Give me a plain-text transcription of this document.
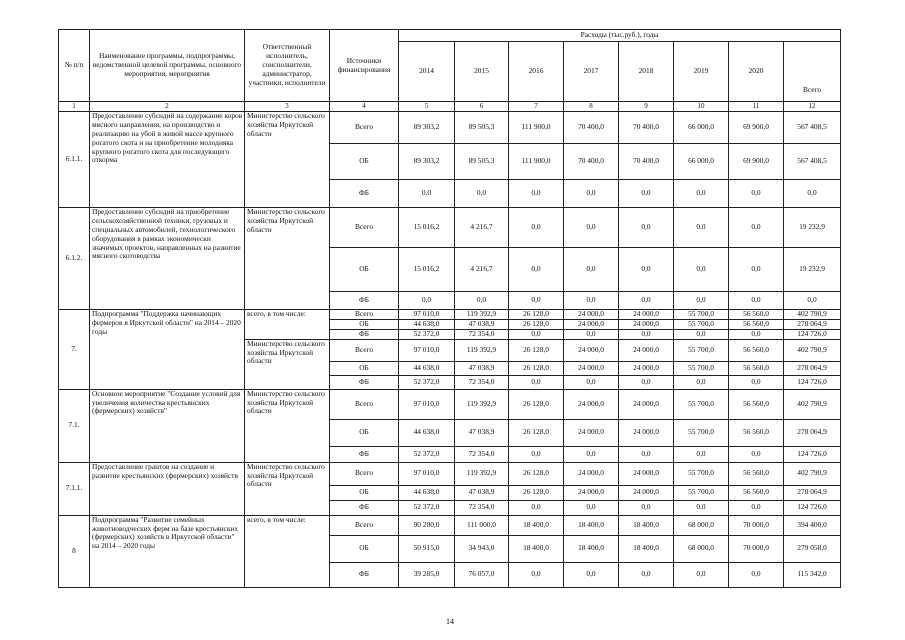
№ п/п	Наименование программы, подпрограммы, ведомственной целевой программы, основного мероприятия, мероприятия	Ответственный исполнитель, соисполнители, администратор, участники, исполнители	Источники финансирования	Расходы (тыс.руб.), годы							
				2014	2015	2016	2017	2018	2019	2020	Всего
1	2	3	4	5	6	7	8	9	10	11	12
6.1.1.	Предоставление субсидий на содержание коров мясного направления, на производство и реализацию на убой в живой массе крупного рогатого скота и на приобретение молодняка крупного рогатого скота для последующего откорма	Министерство сельского хозяйства Иркутской области	Всего	89 303,2	89 505,3	111 900,0	70 400,0	70 400,0	66 000,0	69 900,0	567 408,5
			ОБ	89 303,2	89 505,3	111 900,0	70 400,0	70 400,0	66 000,0	69 900,0	567 408,5
			ФБ	0,0	0,0	0,0	0,0	0,0	0,0	0,0	0,0
6.1.2.	Предоставление субсидий на приобретение сельскохозяйственной техники, грузовых и специальных автомобилей, технологического оборудования в рамках экономически значимых проектов, направленных на развитие мясного скотоводства	Министерство сельского хозяйства Иркутской области	Всего	15 016,2	4 216,7	0,0	0,0	0,0	0,0	0,0	19 232,9
			ОБ	15 016,2	4 216,7	0,0	0,0	0,0	0,0	0,0	19 232,9
			ФБ	0,0	0,0	0,0	0,0	0,0	0,0	0,0	0,0
7.	Подпрограмма "Поддержка начинающих фермеров в Иркутской области" на 2014 – 2020 годы	всего, в том числе:	Всего	97 010,0	119 392,9	26 128,0	24 000,0	24 000,0	55 700,0	56 560,0	402 790,9
			ОБ	44 638,0	47 038,9	26 128,0	24 000,0	24 000,0	55 700,0	56 560,0	278 064,9
			ФБ	52 372,0	72 354,0	0,0	0,0	0,0	0,0	0,0	124 726,0
		Министерство сельского хозяйства Иркутской области	Всего	97 010,0	119 392,9	26 128,0	24 000,0	24 000,0	55 700,0	56 560,0	402 790,9
			ОБ	44 638,0	47 038,9	26 128,0	24 000,0	24 000,0	55 700,0	56 560,0	278 064,9
			ФБ	52 372,0	72 354,0	0,0	0,0	0,0	0,0	0,0	124 726,0
7.1.	Основное мероприятие "Создание условий для увеличения количества крестьянских (фермерских) хозяйств"	Министерство сельского хозяйства Иркутской области	Всего	97 010,0	119 392,9	26 128,0	24 000,0	24 000,0	55 700,0	56 560,0	402 790,9
			ОБ	44 638,0	47 038,9	26 128,0	24 000,0	24 000,0	55 700,0	56 560,0	278 064,9
			ФБ	52 372,0	72 354,0	0,0	0,0	0,0	0,0	0,0	124 726,0
7.1.1.	Предоставление грантов на создание и развитие крестьянских (фермерских) хозяйств	Министерство сельского хозяйства Иркутской области	Всего	97 010,0	119 392,9	26 128,0	24 000,0	24 000,0	55 700,0	56 560,0	402 790,9
			ОБ	44 638,0	47 038,9	26 128,0	24 000,0	24 000,0	55 700,0	56 560,0	278 064,9
			ФБ	52 372,0	72 354,0	0,0	0,0	0,0	0,0	0,0	124 726,0
8	Подпрограмма "Развитие семейных животноводческих ферм на базе крестьянских (фермерских) хозяйств в Иркутской области" на 2014 – 2020 годы	всего, в том числе:	Всего	90 200,0	111 000,0	18 400,0	18 400,0	18 400,0	68 000,0	70 000,0	394 400,0
			ОБ	50 915,0	34 943,0	18 400,0	18 400,0	18 400,0	68 000,0	70 000,0	279 058,0
			ФБ	39 285,0	76 057,0	0,0	0,0	0,0	0,0	0,0	115 342,0
14
